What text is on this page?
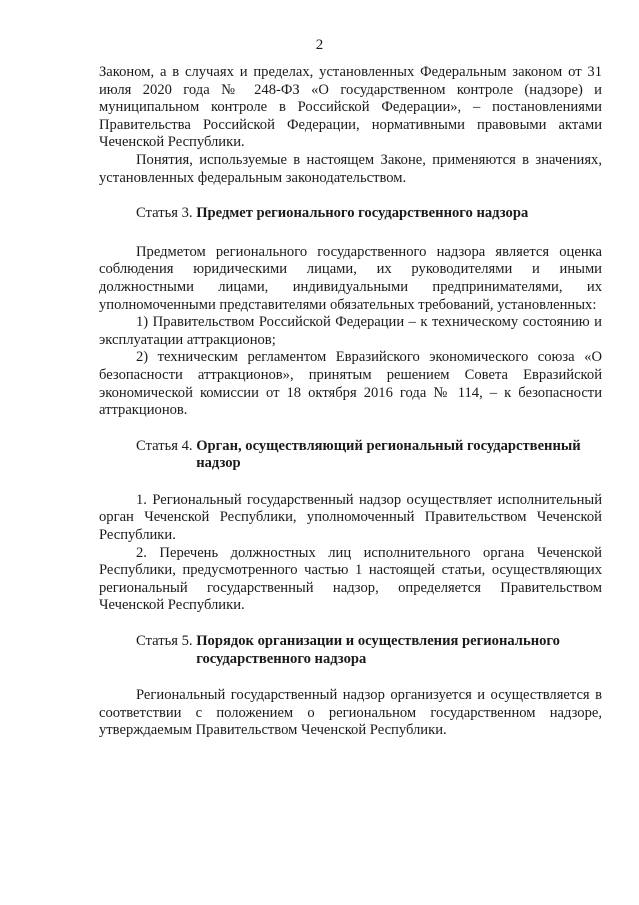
2

Законом, а в случаях и пределах, установленных Федеральным законом от 31 июля 2020 года № 248-ФЗ «О государственном контроле (надзоре) и муниципальном контроле в Российской Федерации», – постановлениями Правительства Российской Федерации, нормативными правовыми актами Чеченской Республики.

Понятия, используемые в настоящем Законе, применяются в значениях, установленных федеральным законодательством.

Статья 3. Предмет регионального государственного надзора

Предметом регионального государственного надзора является оценка соблюдения юридическими лицами, их руководителями и иными должностными лицами, индивидуальными предпринимателями, их уполномоченными представителями обязательных требований, установленных:

1) Правительством Российской Федерации – к техническому состоянию и эксплуатации аттракционов;

2) техническим регламентом Евразийского экономического союза «О безопасности аттракционов», принятым решением Совета Евразийской экономической комиссии от 18 октября 2016 года № 114, – к безопасности аттракционов.

Статья 4. Орган, осуществляющий региональный государственный надзор

1. Региональный государственный надзор осуществляет исполнительный орган Чеченской Республики, уполномоченный Правительством Чеченской Республики.

2. Перечень должностных лиц исполнительного органа Чеченской Республики, предусмотренного частью 1 настоящей статьи, осуществляющих региональный государственный надзор, определяется Правительством Чеченской Республики.

Статья 5. Порядок организации и осуществления регионального государственного надзора

Региональный государственный надзор организуется и осуществляется в соответствии с положением о региональном государственном надзоре, утверждаемым Правительством Чеченской Республики.
